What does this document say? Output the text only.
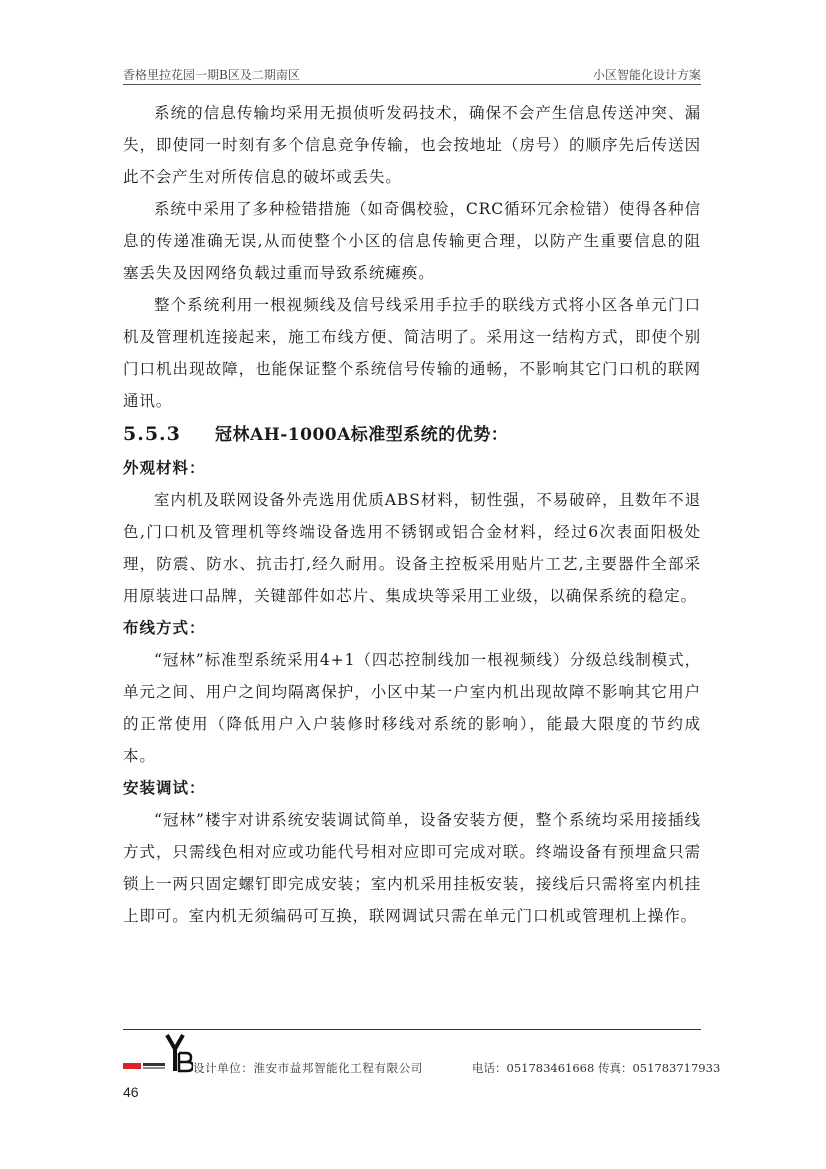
香格里拉花园一期B区及二期南区	小区智能化设计方案

系统的信息传输均采用无损侦听发码技术，确保不会产生信息传送冲突、漏失，即使同一时刻有多个信息竞争传输，也会按地址（房号）的顺序先后传送因此不会产生对所传信息的破坏或丢失。

系统中采用了多种检错措施（如奇偶校验，CRC循环冗余检错）使得各种信息的传递准确无误,从而使整个小区的信息传输更合理，以防产生重要信息的阻塞丢失及因网络负载过重而导致系统瘫痪。

整个系统利用一根视频线及信号线采用手拉手的联线方式将小区各单元门口机及管理机连接起来，施工布线方便、简洁明了。采用这一结构方式，即使个别门口机出现故障，也能保证整个系统信号传输的通畅，不影响其它门口机的联网通讯。

5.5.3 冠林AH-1000A标准型系统的优势：

外观材料：

室内机及联网设备外壳选用优质ABS材料，韧性强，不易破碎，且数年不退色,门口机及管理机等终端设备选用不锈钢或铝合金材料，经过6次表面阳极处理，防震、防水、抗击打,经久耐用。设备主控板采用贴片工艺,主要器件全部采用原装进口品牌，关键部件如芯片、集成块等采用工业级，以确保系统的稳定。

布线方式：

“冠林”标准型系统采用4+1（四芯控制线加一根视频线）分级总线制模式，单元之间、用户之间均隔离保护，小区中某一户室内机出现故障不影响其它用户的正常使用（降低用户入户装修时移线对系统的影响），能最大限度的节约成本。

安装调试：

“冠林”楼宇对讲系统安装调试简单，设备安装方便，整个系统均采用接插线方式，只需线色相对应或功能代号相对应即可完成对联。终端设备有预埋盒只需锁上一两只固定螺钉即完成安装；室内机采用挂板安装，接线后只需将室内机挂上即可。室内机无须编码可互换，联网调试只需在单元门口机或管理机上操作。

设计单位：淮安市益邦智能化工程有限公司	电话：051783461668 传真：051783717933
46
